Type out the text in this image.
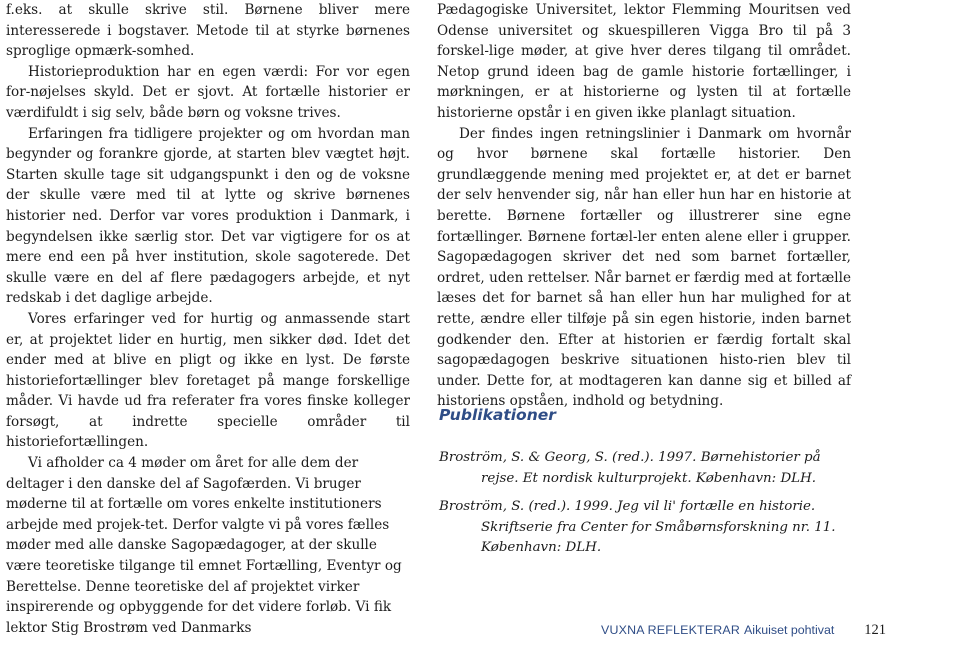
f.eks. at skulle skrive stil. Børnene bliver mere interesserede i bogstaver. Metode til at styrke børnenes sproglige opmærk-somhed.

Historieproduktion har en egen værdi: For vor egen for-nøjelses skyld. Det er sjovt. At fortælle historier er værdifuldt i sig selv, både børn og voksne trives.

Erfaringen fra tidligere projekter og om hvordan man begynder og forankre gjorde, at starten blev vægtet højt. Starten skulle tage sit udgangspunkt i den og de voksne der skulle være med til at lytte og skrive børnenes historier ned. Derfor var vores produktion i Danmark, i begyndelsen ikke særlig stor. Det var vigtigere for os at mere end een på hver institution, skole sagoterede. Det skulle være en del af flere pædagogers arbejde, et nyt redskab i det daglige arbejde.

Vores erfaringer ved for hurtig og anmassende start er, at projektet lider en hurtig, men sikker død. Idet det ender med at blive en pligt og ikke en lyst. De første historiefortællinger blev foretaget på mange forskellige måder. Vi havde ud fra referater fra vores finske kolleger forsøgt, at indrette specielle områder til historiefortællingen.

Vi afholder ca 4 møder om året for alle dem der deltager i den danske del af Sagofærden. Vi bruger møderne til at fortælle om vores enkelte institutioners arbejde med projek-tet. Derfor valgte vi på vores fælles møder med alle danske Sagopædagoger, at der skulle være teoretiske tilgange til emnet Fortælling, Eventyr og Berettelse. Denne teoretiske del af projektet virker inspirerende og opbyggende for det videre forløb. Vi fik lektor Stig Brostrøm ved Danmarks

Pædagogiske Universitet, lektor Flemming Mouritsen ved Odense universitet og skuespilleren Vigga Bro til på 3 forskel-lige møder, at give hver deres tilgang til området. Netop grund ideen bag de gamle historie fortællinger, i mørkningen, er at historierne og lysten til at fortælle historierne opstår i en given ikke planlagt situation.

Der findes ingen retningslinier i Danmark om hvornår og hvor børnene skal fortælle historier. Den grundlæggende mening med projektet er, at det er barnet der selv henvender sig, når han eller hun har en historie at berette. Børnene fortæller og illustrerer sine egne fortællinger. Børnene fortæl-ler enten alene eller i grupper. Sagopædagogen skriver det ned som barnet fortæller, ordret, uden rettelser. Når barnet er færdig med at fortælle læses det for barnet så han eller hun har mulighed for at rette, ændre eller tilføje på sin egen historie, inden barnet godkender den. Efter at historien er færdig fortalt skal sagopædagogen beskrive situationen histo-rien blev til under. Dette for, at modtageren kan danne sig et billed af historiens opståen, indhold og betydning.

Publikationer

Broström, S. & Georg, S. (red.). 1997. Børnehistorier på rejse. Et nordisk kulturprojekt. København: DLH.

Broström, S. (red.). 1999. Jeg vil li' fortælle en historie. Skriftserie fra Center for Småbørnsforskning nr. 11. København: DLH.

VUXNA REFLEKTERAR Aikuiset pohtivat 121
